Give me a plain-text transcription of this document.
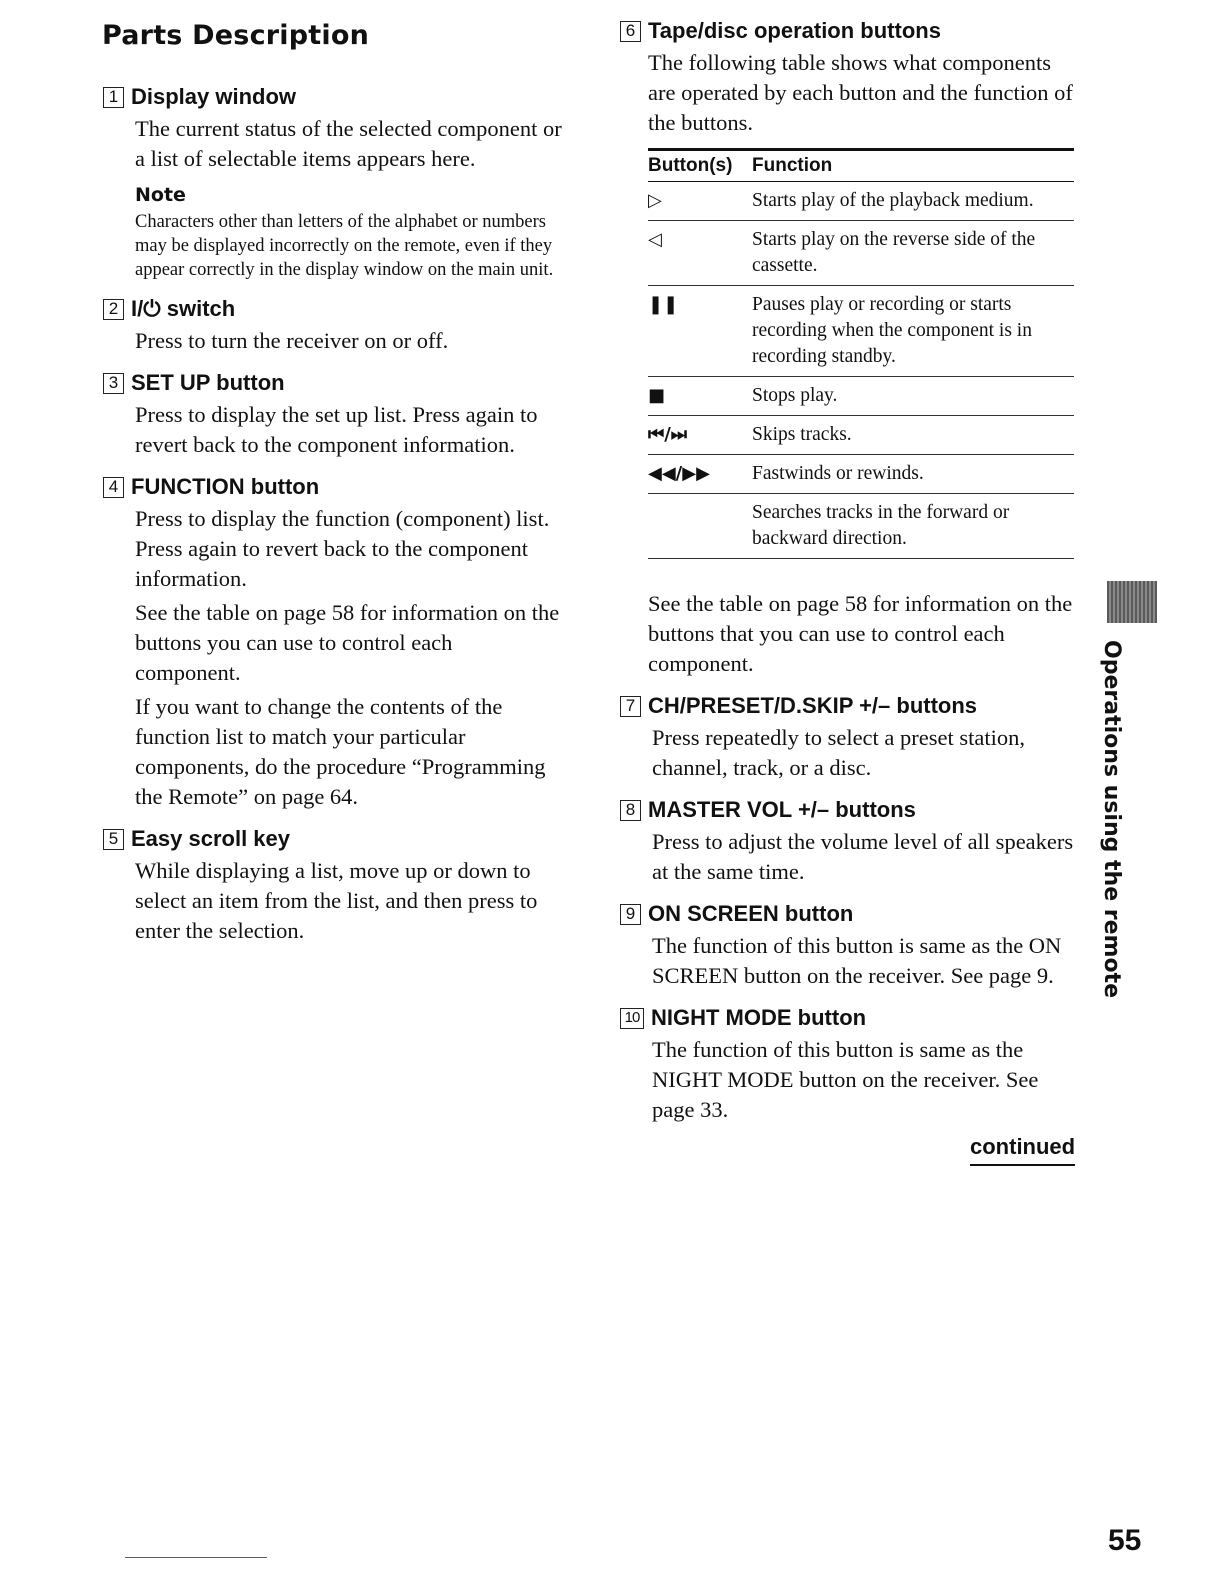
Parts Description
1 Display window

The current status of the selected component or a list of selectable items appears here.

Note

Characters other than letters of the alphabet or numbers may be displayed incorrectly on the remote, even if they appear correctly in the display window on the main unit.

2 I/⏻ switch

Press to turn the receiver on or off.

3 SET UP button

Press to display the set up list. Press again to revert back to the component information.

4 FUNCTION button

Press to display the function (component) list. Press again to revert back to the component information.

See the table on page 58 for information on the buttons you can use to control each component.

If you want to change the contents of the function list to match your particular components, do the procedure “Programming the Remote” on page 64.

5 Easy scroll key

While displaying a list, move up or down to select an item from the list, and then press to enter the selection.

6 Tape/disc operation buttons

The following table shows what components are operated by each button and the function of the buttons.

Button(s)	Function
▷	Starts play of the playback medium.
◁	Starts play on the reverse side of the cassette.
❚❚	Pauses play or recording or starts recording when the component is in recording standby.
■	Stops play.
⏮/⏭	Skips tracks.
◀◀/▶▶	Fastwinds or rewinds.
	Searches tracks in the forward or backward direction.

See the table on page 58 for information on the buttons that you can use to control each component.

7 CH/PRESET/D.SKIP +/– buttons

Press repeatedly to select a preset station, channel, track, or a disc.

8 MASTER VOL +/– buttons

Press to adjust the volume level of all speakers at the same time.

9 ON SCREEN button

The function of this button is same as the ON SCREEN button on the receiver. See page 9.

10 NIGHT MODE button

The function of this button is same as the NIGHT MODE button on the receiver. See page 33.

Operations using the remote
continued
55
